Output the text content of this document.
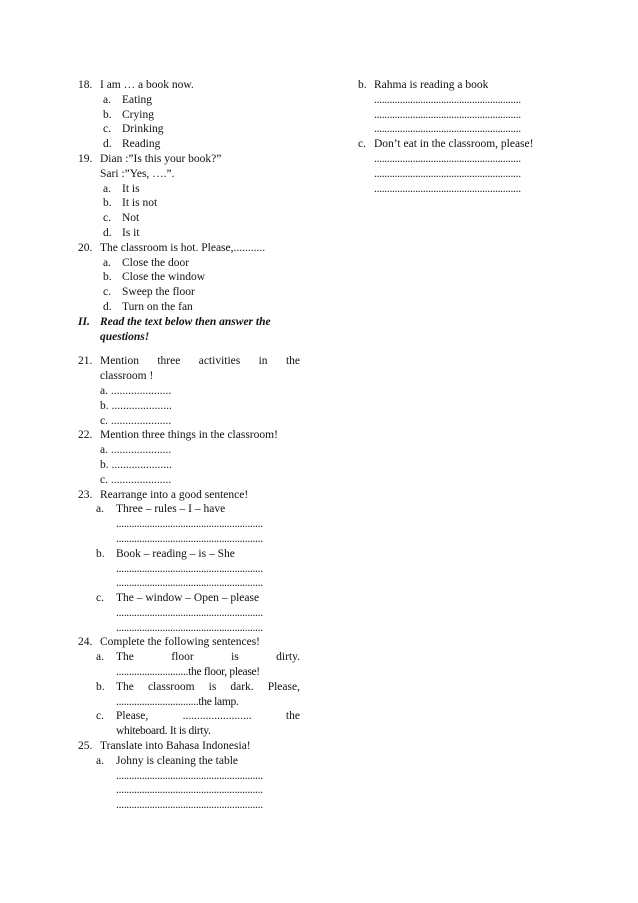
18. I am … a book now.
a. Eating
b. Crying
c. Drinking
d. Reading
19. Dian :”Is this your book?”
Sari :”Yes, ….”.
a. It is
b. It is not
c. Not
d. Is it
20. The classroom is hot. Please,...........
a. Close the door
b. Close the window
c. Sweep the floor
d. Turn on the fan
II. Read the text below then answer the
questions!
21. Mention three activities in the
classroom !
a. .....................
b. .....................
c. .....................
22. Mention three things in the classroom!
a. .....................
b. .....................
c. .....................
23. Rearrange into a good sentence!
a. Three – rules – I – have
.........................................................
.........................................................
b. Book – reading – is – She
.........................................................
.........................................................
c. The – window – Open – please
.........................................................
.........................................................
24. Complete the following sentences!
a. The	floor	is	dirty.
............................the floor, please!
b. The classroom is dark. Please,
................................the lamp.
c. Please,	........................	the
whiteboard. It is dirty.
25. Translate into Bahasa Indonesia!
a. Johny is cleaning the table
.........................................................
.........................................................
.........................................................
b. Rahma is reading a book
.........................................................
.........................................................
.........................................................
c. Don’t eat in the classroom, please!
.........................................................
.........................................................
.........................................................
